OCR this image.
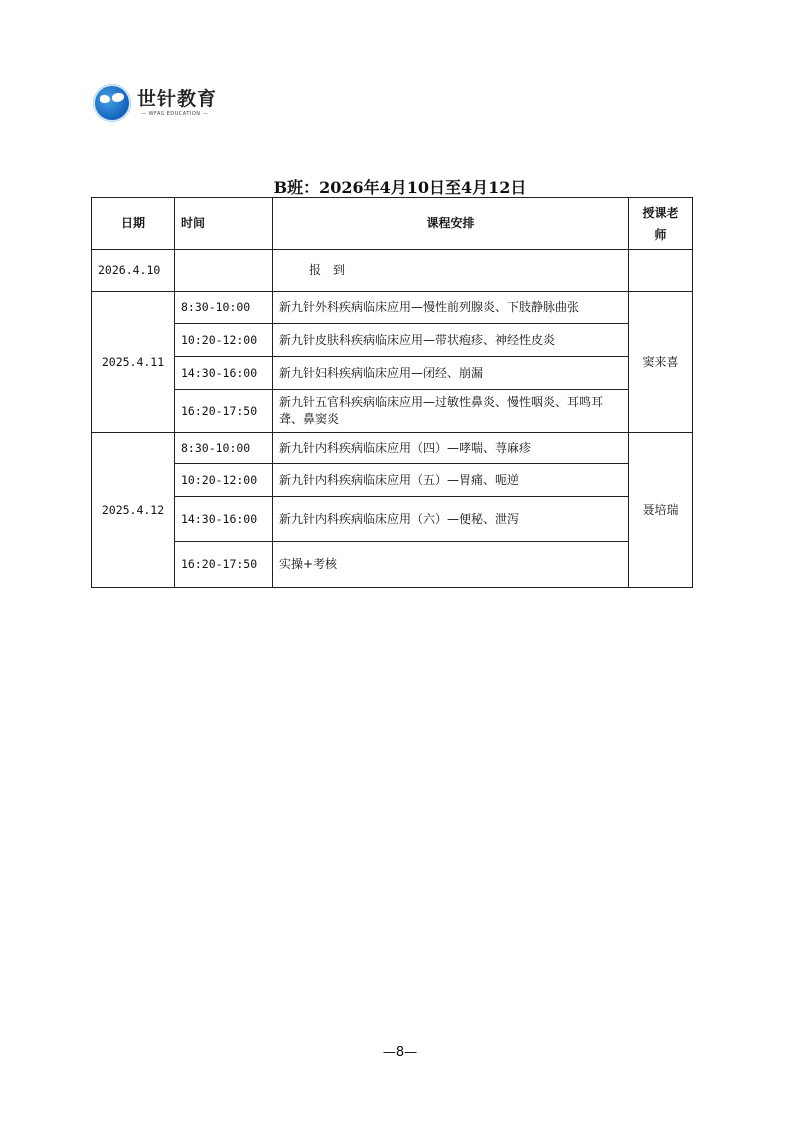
世针教育
— WFAS EDUCATION —
B班：2026年4月10日至4月12日
日期	时间	课程安排	授课老师
2026.4.10		报　到	
2025.4.11	8:30-10:00	新九针外科疾病临床应用—慢性前列腺炎、下肢静脉曲张	窦来喜
	10:20-12:00	新九针皮肤科疾病临床应用—带状疱疹、神经性皮炎	
	14:30-16:00	新九针妇科疾病临床应用—闭经、崩漏	
	16:20-17:50	新九针五官科疾病临床应用—过敏性鼻炎、慢性咽炎、耳鸣耳聋、鼻窦炎	
2025.4.12	8:30-10:00	新九针内科疾病临床应用（四）—哮喘、荨麻疹	聂培瑞
	10:20-12:00	新九针内科疾病临床应用（五）—胃痛、呃逆	
	14:30-16:00	新九针内科疾病临床应用（六）—便秘、泄泻	
	16:20-17:50	实操+考核	
—8—
